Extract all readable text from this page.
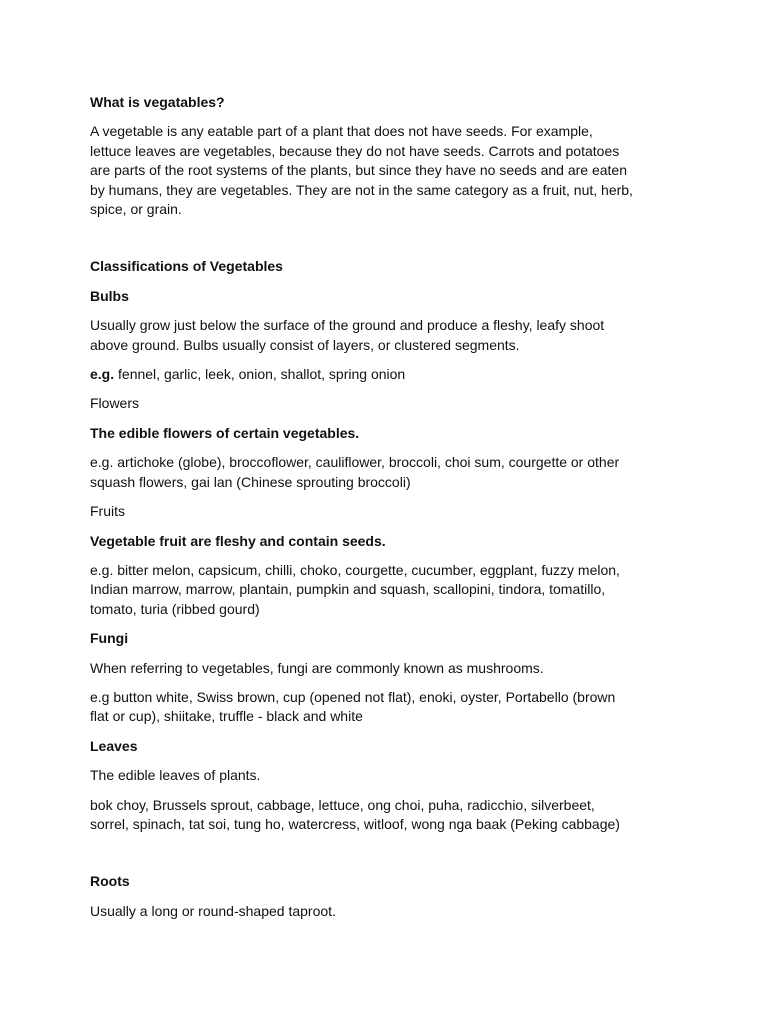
What is vegatables?

A vegetable is any eatable part of a plant that does not have seeds. For example,

lettuce leaves are vegetables, because they do not have seeds. Carrots and potatoes

are parts of the root systems of the plants, but since they have no seeds and are eaten

by humans, they are vegetables. They are not in the same category as a fruit, nut, herb,

spice, or grain.

Classifications of Vegetables

Bulbs

Usually grow just below the surface of the ground and produce a fleshy, leafy shoot

above ground. Bulbs usually consist of layers, or clustered segments.

e.g. fennel, garlic, leek, onion, shallot, spring onion

Flowers

The edible flowers of certain vegetables.

e.g. artichoke (globe), broccoflower, cauliflower, broccoli, choi sum, courgette or other

squash flowers, gai lan (Chinese sprouting broccoli)

Fruits

Vegetable fruit are fleshy and contain seeds.

e.g. bitter melon, capsicum, chilli, choko, courgette, cucumber, eggplant, fuzzy melon,

Indian marrow, marrow, plantain, pumpkin and squash, scallopini, tindora, tomatillo,

tomato, turia (ribbed gourd)

Fungi

When referring to vegetables, fungi are commonly known as mushrooms.

e.g button white, Swiss brown, cup (opened not flat), enoki, oyster, Portabello (brown

flat or cup), shiitake, truffle - black and white

Leaves

The edible leaves of plants.

bok choy, Brussels sprout, cabbage, lettuce, ong choi, puha, radicchio, silverbeet,

sorrel, spinach, tat soi, tung ho, watercress, witloof, wong nga baak (Peking cabbage)

Roots

Usually a long or round-shaped taproot.
